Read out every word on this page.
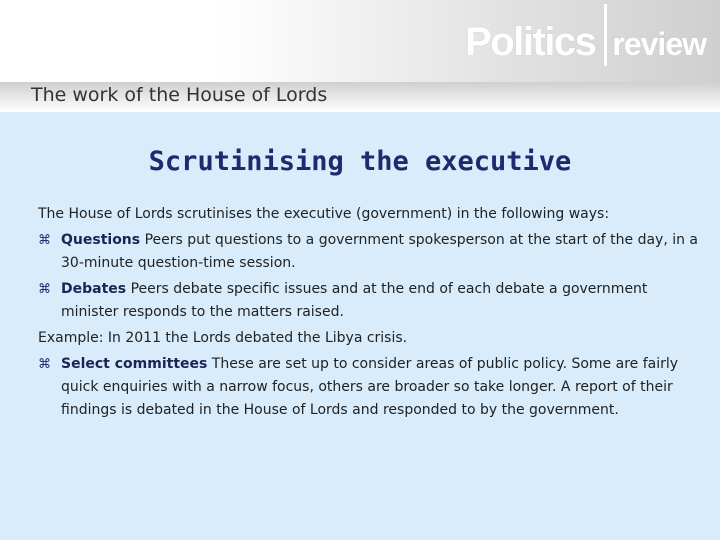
Politics review
The work of the House of Lords
Scrutinising the executive

The House of Lords scrutinises the executive (government) in the following ways:

⌘ Questions Peers put questions to a government spokesperson at the start of the day, in a 30-minute question-time session.

⌘ Debates Peers debate specific issues and at the end of each debate a government minister responds to the matters raised.

Example: In 2011 the Lords debated the Libya crisis.

⌘ Select committees These are set up to consider areas of public policy. Some are fairly quick enquiries with a narrow focus, others are broader so take longer. A report of their findings is debated in the House of Lords and responded to by the government.
